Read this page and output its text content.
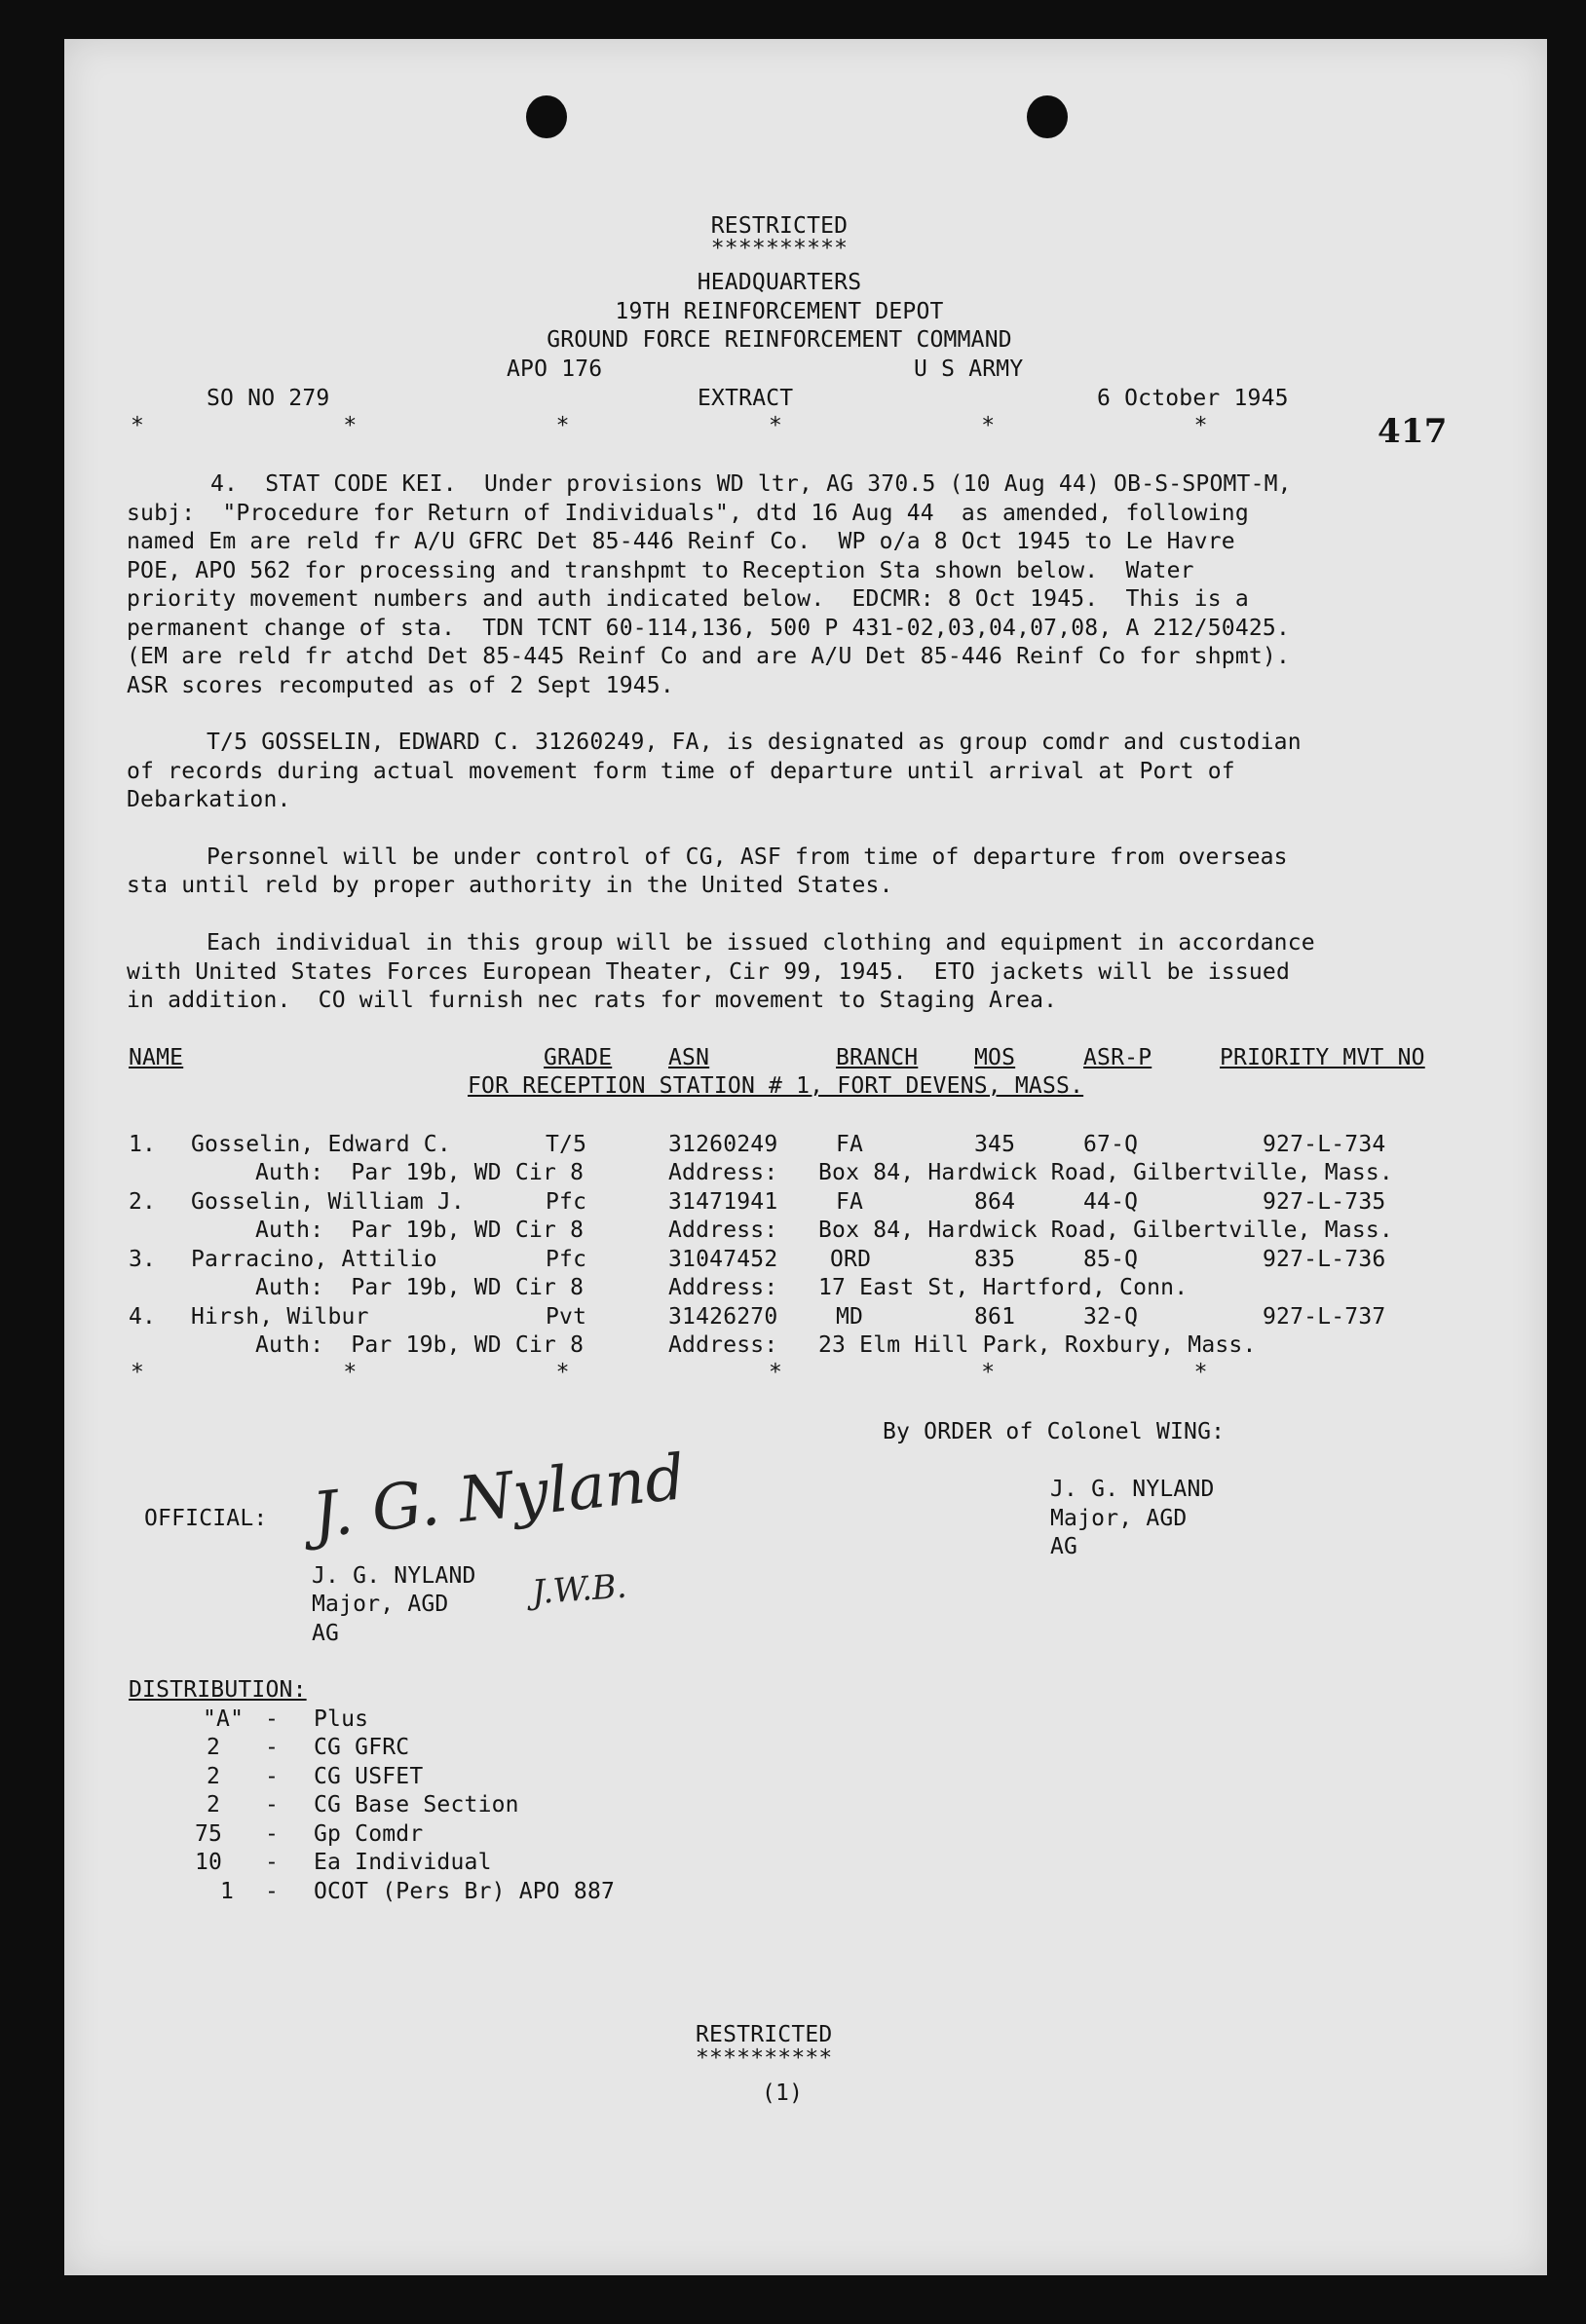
417
RESTRICTED
**********
HEADQUARTERS
19TH REINFORCEMENT DEPOT
GROUND FORCE REINFORCEMENT COMMAND
APO 176	U S ARMY
SO NO 279	EXTRACT	6 October 1945
*          *          *          *          *          *
4.  STAT CODE KEI.  Under provisions WD ltr, AG 370.5 (10 Aug 44) OB-S-SPOMT-M,
subj:  "Procedure for Return of Individuals", dtd 16 Aug 44  as amended, following
named Em are reld fr A/U GFRC Det 85-446 Reinf Co.  WP o/a 8 Oct 1945 to Le Havre
POE, APO 562 for processing and transhpmt to Reception Sta shown below.  Water
priority movement numbers and auth indicated below.  EDCMR: 8 Oct 1945.  This is a
permanent change of sta.  TDN TCNT 60-114,136, 500 P 431-02,03,04,07,08, A 212/50425.
(EM are reld fr atchd Det 85-445 Reinf Co and are A/U Det 85-446 Reinf Co for shpmt).
ASR scores recomputed as of 2 Sept 1945.
T/5 GOSSELIN, EDWARD C. 31260249, FA, is designated as group comdr and custodian
of records during actual movement form time of departure until arrival at Port of
Debarkation.
Personnel will be under control of CG, ASF from time of departure from overseas
sta until reld by proper authority in the United States.
Each individual in this group will be issued clothing and equipment in accordance
with United States Forces European Theater, Cir 99, 1945.  ETO jackets will be issued
in addition.  CO will furnish nec rats for movement to Staging Area.
NAME	GRADE	ASN	BRANCH	MOS	ASR-P	PRIORITY MVT NO
FOR RECEPTION STATION # 1, FORT DEVENS, MASS.
1. Gosselin, Edward C.	T/5	31260249	FA	345	67-Q	927-L-734
Auth:  Par 19b, WD Cir 8	Address: Box 84, Hardwick Road, Gilbertville, Mass.
2. Gosselin, William J.	Pfc	31471941	FA	864	44-Q	927-L-735
Auth:  Par 19b, WD Cir 8	Address: Box 84, Hardwick Road, Gilbertville, Mass.
3. Parracino, Attilio	Pfc	31047452 ORD	835	85-Q	927-L-736
Auth:  Par 19b, WD Cir 8	Address: 17 East St, Hartford, Conn.
4. Hirsh, Wilbur	Pvt	31426270	MD	861	32-Q	927-L-737
Auth:  Par 19b, WD Cir 8	Address: 23 Elm Hill Park, Roxbury, Mass.
*          *          *          *          *          *
By ORDER of Colonel WING:
J. G. NYLAND
Major, AGD
AG
OFFICIAL: J. G. Nyland
J.W.B.
J. G. NYLAND
Major, AGD
AG
DISTRIBUTION:
"A" - Plus
2 - CG GFRC
2 - CG USFET
2 - CG Base Section
75 - Gp Comdr
10 - Ea Individual
1 - OCOT (Pers Br) APO 887
RESTRICTED
**********
(1)
